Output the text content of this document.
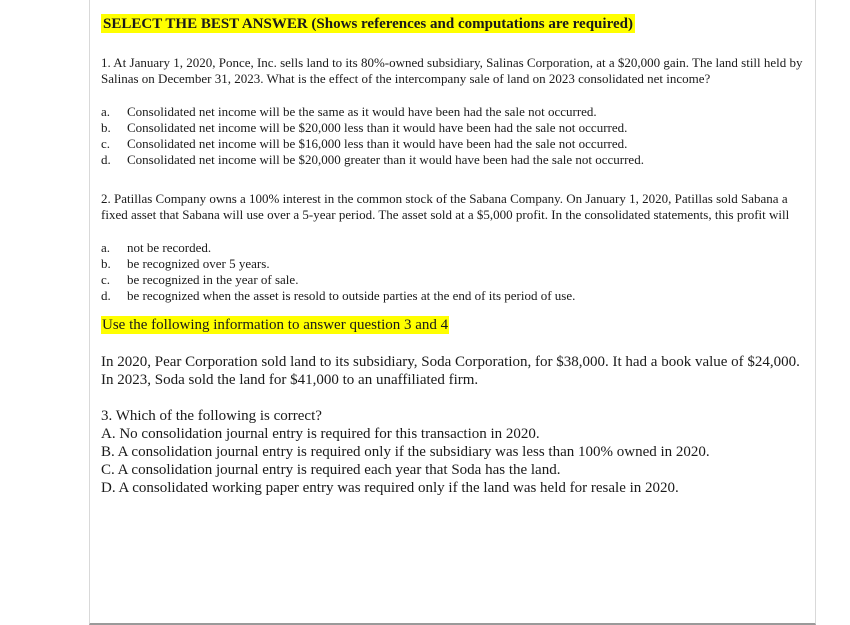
SELECT THE BEST ANSWER (Shows references and computations are required)

1. At January 1, 2020, Ponce, Inc. sells land to its 80%-owned subsidiary, Salinas Corporation, at a $20,000 gain. The land still held by Salinas on December 31, 2023. What is the effect of the intercompany sale of land on 2023 consolidated net income?

a.	Consolidated net income will be the same as it would have been had the sale not occurred.
b.	Consolidated net income will be $20,000 less than it would have been had the sale not occurred.
c.	Consolidated net income will be $16,000 less than it would have been had the sale not occurred.
d.	Consolidated net income will be $20,000 greater than it would have been had the sale not occurred.

2. Patillas Company owns a 100% interest in the common stock of the Sabana Company. On January 1, 2020, Patillas sold Sabana a fixed asset that Sabana will use over a 5-year period. The asset sold at a $5,000 profit. In the consolidated statements, this profit will

a.	not be recorded.
b.	be recognized over 5 years.
c.	be recognized in the year of sale.
d.	be recognized when the asset is resold to outside parties at the end of its period of use.
Use the following information to answer question 3 and 4

In 2020, Pear Corporation sold land to its subsidiary, Soda Corporation, for $38,000. It had a book value of $24,000. In 2023, Soda sold the land for $41,000 to an unaffiliated firm.

3. Which of the following is correct?
A. No consolidation journal entry is required for this transaction in 2020.
B. A consolidation journal entry is required only if the subsidiary was less than 100% owned in 2020.
C. A consolidation journal entry is required each year that Soda has the land.
D. A consolidated working paper entry was required only if the land was held for resale in 2020.
